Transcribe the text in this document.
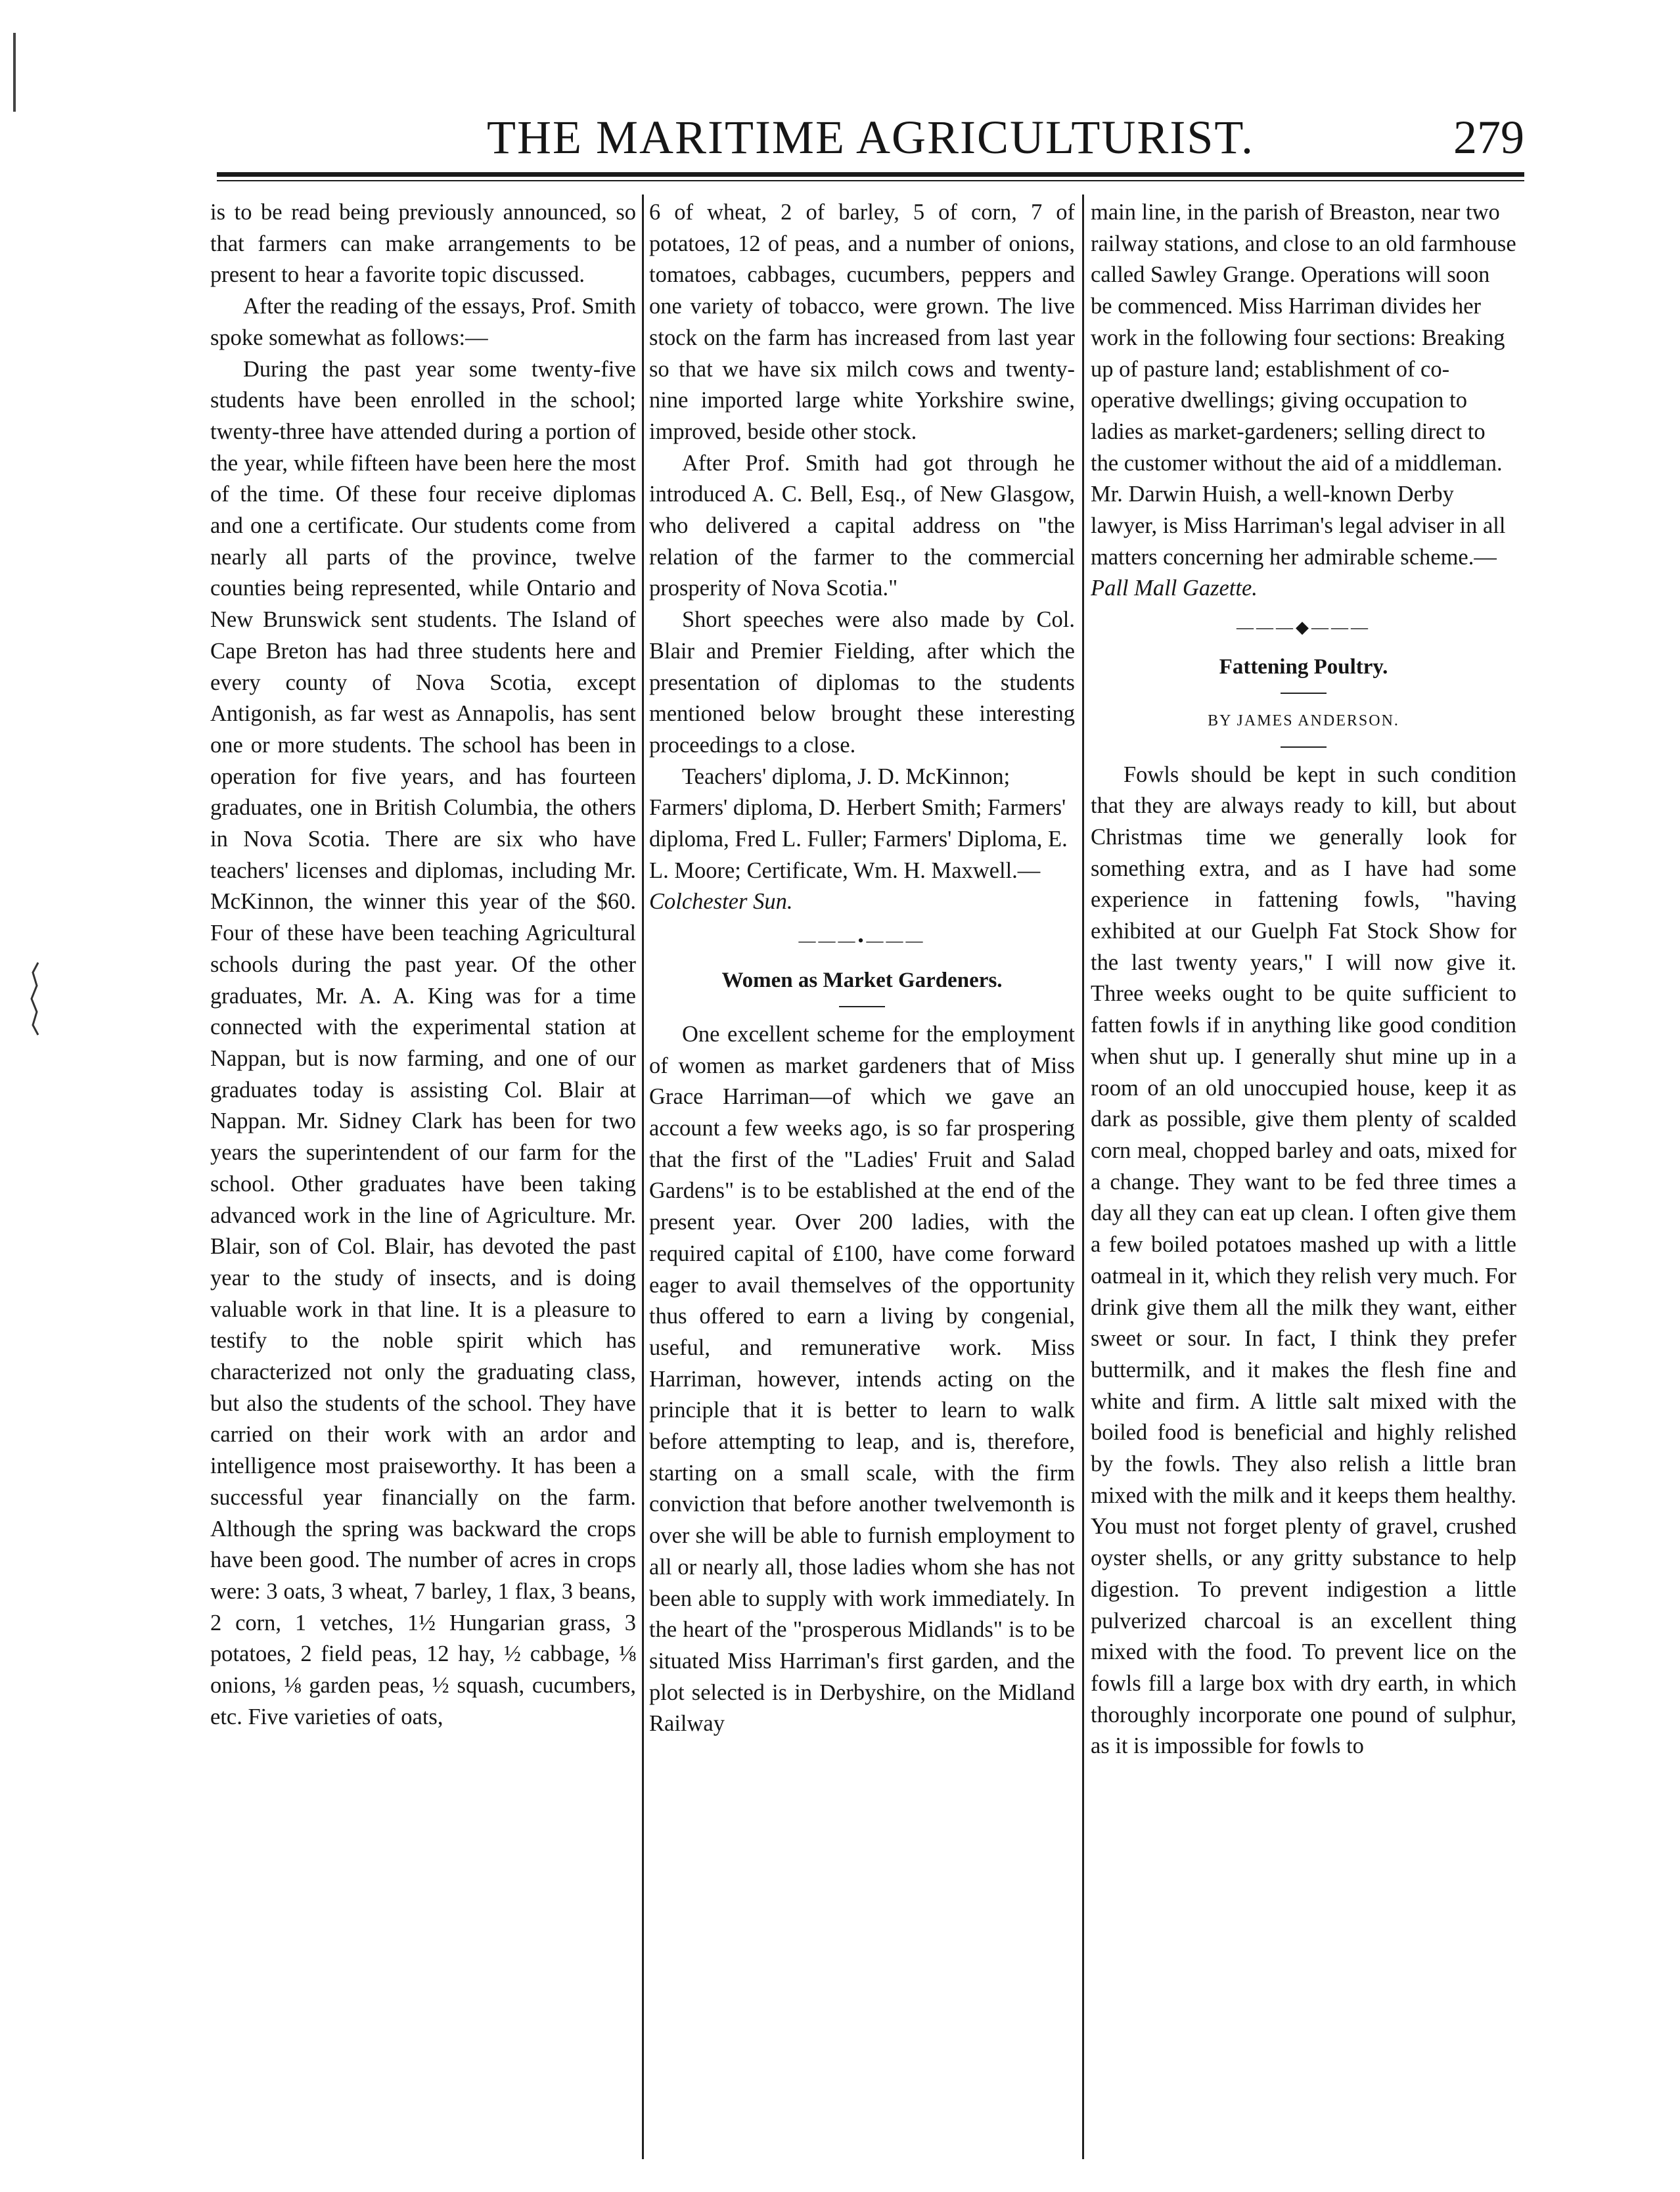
THE MARITIME AGRICULTURIST.	279

is to be read being previously announced, so that farmers can make arrangements to be present to hear a favorite topic discussed.

After the reading of the essays, Prof. Smith spoke somewhat as follows:—

During the past year some twenty-five students have been enrolled in the school; twenty-three have attended during a portion of the year, while fifteen have been here the most of the time. Of these four receive diplomas and one a certificate. Our students come from nearly all parts of the province, twelve counties being represented, while Ontario and New Brunswick sent students. The Island of Cape Breton has had three students here and every county of Nova Scotia, except Antigonish, as far west as Annapolis, has sent one or more students. The school has been in operation for five years, and has fourteen graduates, one in British Columbia, the others in Nova Scotia. There are six who have teachers' licenses and diplomas, including Mr. McKinnon, the winner this year of the $60. Four of these have been teaching Agricultural schools during the past year. Of the other graduates, Mr. A. A. King was for a time connected with the experimental station at Nappan, but is now farming, and one of our graduates today is assisting Col. Blair at Nappan. Mr. Sidney Clark has been for two years the superintendent of our farm for the school. Other graduates have been taking advanced work in the line of Agriculture. Mr. Blair, son of Col. Blair, has devoted the past year to the study of insects, and is doing valuable work in that line. It is a pleasure to testify to the noble spirit which has characterized not only the graduating class, but also the students of the school. They have carried on their work with an ardor and intelligence most praiseworthy. It has been a successful year financially on the farm. Although the spring was backward the crops have been good. The number of acres in crops were: 3 oats, 3 wheat, 7 barley, 1 flax, 3 beans, 2 corn, 1 vetches, 1½ Hungarian grass, 3 potatoes, 2 field peas, 12 hay, ½ cabbage, ⅛ onions, ⅛ garden peas, ½ squash, cucumbers, etc. Five varieties of oats,

6 of wheat, 2 of barley, 5 of corn, 7 of potatoes, 12 of peas, and a number of onions, tomatoes, cabbages, cucumbers, peppers and one variety of tobacco, were grown. The live stock on the farm has increased from last year so that we have six milch cows and twenty-nine imported large white Yorkshire swine, improved, beside other stock.

After Prof. Smith had got through he introduced A. C. Bell, Esq., of New Glasgow, who delivered a capital address on "the relation of the farmer to the commercial prosperity of Nova Scotia."

Short speeches were also made by Col. Blair and Premier Fielding, after which the presentation of diplomas to the students mentioned below brought these interesting proceedings to a close.

Teachers' diploma, J. D. McKinnon; Farmers' diploma, D. Herbert Smith; Farmers' diploma, Fred L. Fuller; Farmers' Diploma, E. L. Moore; Certificate, Wm. H. Maxwell.—Colchester Sun.

———•———
Women as Market Gardeners.

One excellent scheme for the employment of women as market gardeners that of Miss Grace Harriman—of which we gave an account a few weeks ago, is so far prospering that the first of the "Ladies' Fruit and Salad Gardens" is to be established at the end of the present year. Over 200 ladies, with the required capital of £100, have come forward eager to avail themselves of the opportunity thus offered to earn a living by congenial, useful, and remunerative work. Miss Harriman, however, intends acting on the principle that it is better to learn to walk before attempting to leap, and is, therefore, starting on a small scale, with the firm conviction that before another twelvemonth is over she will be able to furnish employment to all or nearly all, those ladies whom she has not been able to supply with work immediately. In the heart of the "prosperous Midlands" is to be situated Miss Harriman's first garden, and the plot selected is in Derbyshire, on the Midland Railway

main line, in the parish of Breaston, near two railway stations, and close to an old farmhouse called Sawley Grange. Operations will soon be commenced. Miss Harriman divides her work in the following four sections: Breaking up of pasture land; establishment of co-operative dwellings; giving occupation to ladies as market-gardeners; selling direct to the customer without the aid of a middleman. Mr. Darwin Huish, a well-known Derby lawyer, is Miss Harriman's legal adviser in all matters concerning her admirable scheme.—Pall Mall Gazette.

———◆———
Fattening Poultry.
BY JAMES ANDERSON.

Fowls should be kept in such condition that they are always ready to kill, but about Christmas time we generally look for something extra, and as I have had some experience in fattening fowls, "having exhibited at our Guelph Fat Stock Show for the last twenty years," I will now give it. Three weeks ought to be quite sufficient to fatten fowls if in anything like good condition when shut up. I generally shut mine up in a room of an old unoccupied house, keep it as dark as possible, give them plenty of scalded corn meal, chopped barley and oats, mixed for a change. They want to be fed three times a day all they can eat up clean. I often give them a few boiled potatoes mashed up with a little oatmeal in it, which they relish very much. For drink give them all the milk they want, either sweet or sour. In fact, I think they prefer buttermilk, and it makes the flesh fine and white and firm. A little salt mixed with the boiled food is beneficial and highly relished by the fowls. They also relish a little bran mixed with the milk and it keeps them healthy. You must not forget plenty of gravel, crushed oyster shells, or any gritty substance to help digestion. To prevent indigestion a little pulverized charcoal is an excellent thing mixed with the food. To prevent lice on the fowls fill a large box with dry earth, in which thoroughly incorporate one pound of sulphur, as it is impossible for fowls to
